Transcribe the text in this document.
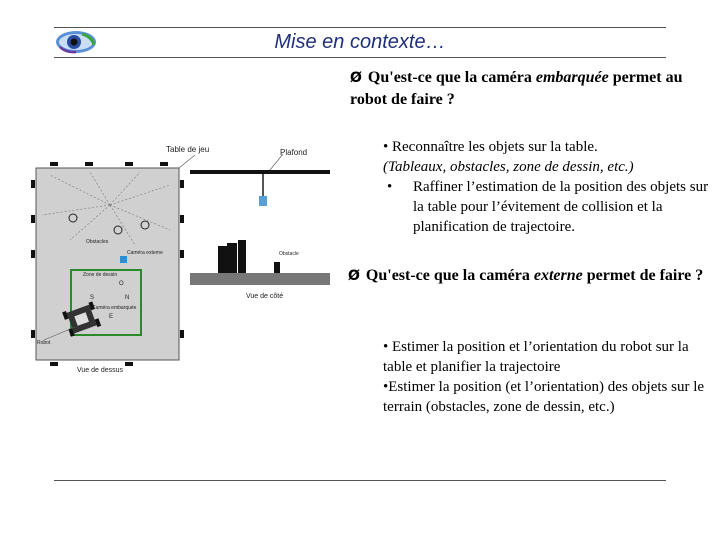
Mise en contexte…
Table de jeu	Plafond
Caméra externe
Obstacles
Zone de dessin
O
S	N
Caméra embarquée
E
Robot
Vue de dessus
Obstacle
Vue de côté
Ø Qu'est-ce que la caméra embarquée permet au robot de faire ?
• Reconnaître les objets sur la table.
(Tableaux, obstacles, zone de dessin, etc.)
•	Raffiner l’estimation de la position des objets sur la table pour l’évitement de collision et la planification de trajectoire.
Ø Qu'est-ce que la caméra externe permet de faire ?
• Estimer la position et l’orientation du robot sur la table et planifier la trajectoire
•Estimer la position (et l’orientation) des objets sur le terrain (obstacles, zone de dessin, etc.)
